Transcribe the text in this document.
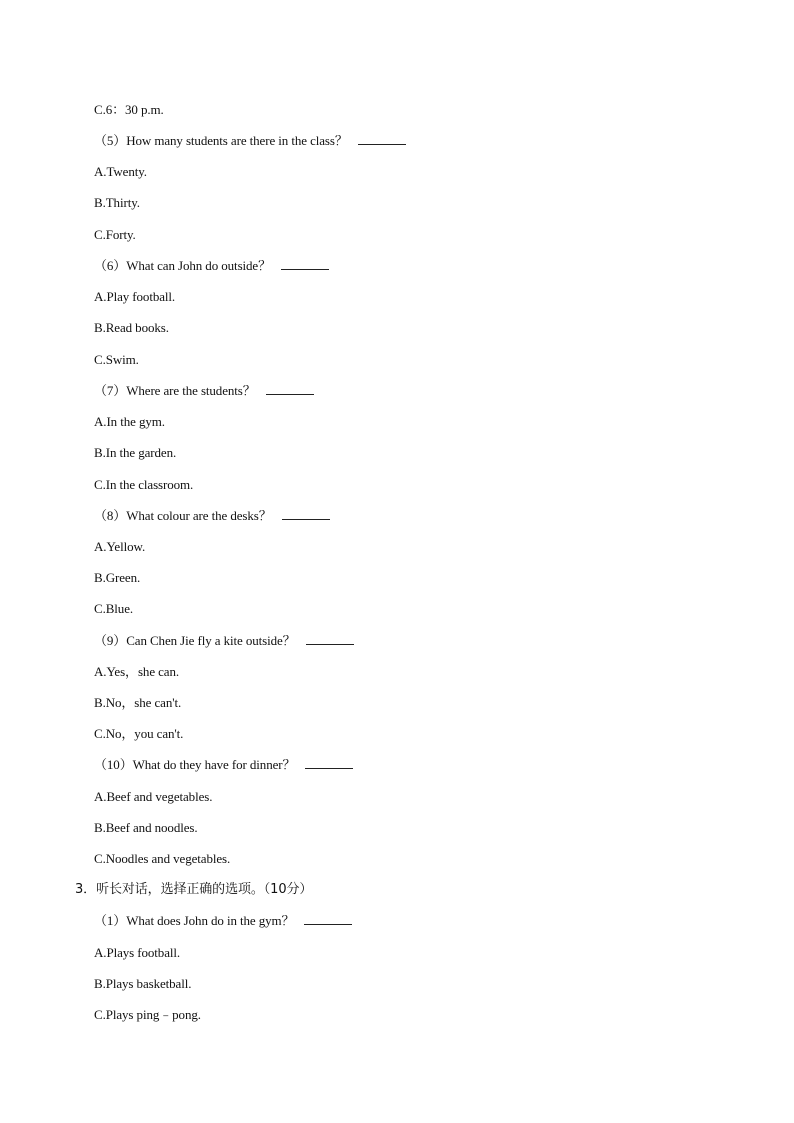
C.6：30 p.m.
（5）How many students are there in the class？
A.Twenty.
B.Thirty.
C.Forty.
（6）What can John do outside？
A.Play football.
B.Read books.
C.Swim.
（7）Where are the students？
A.In the gym.
B.In the garden.
C.In the classroom.
（8）What colour are the desks？
A.Yellow.
B.Green.
C.Blue.
（9）Can Chen Jie fly a kite outside？
A.Yes，she can.
B.No，she can't.
C.No，you can't.
（10）What do they have for dinner？
A.Beef and vegetables.
B.Beef and noodles.
C.Noodles and vegetables.
3．听长对话，选择正确的选项。（10分）
（1）What does John do in the gym？
A.Plays football.
B.Plays basketball.
C.Plays ping﹣pong.
